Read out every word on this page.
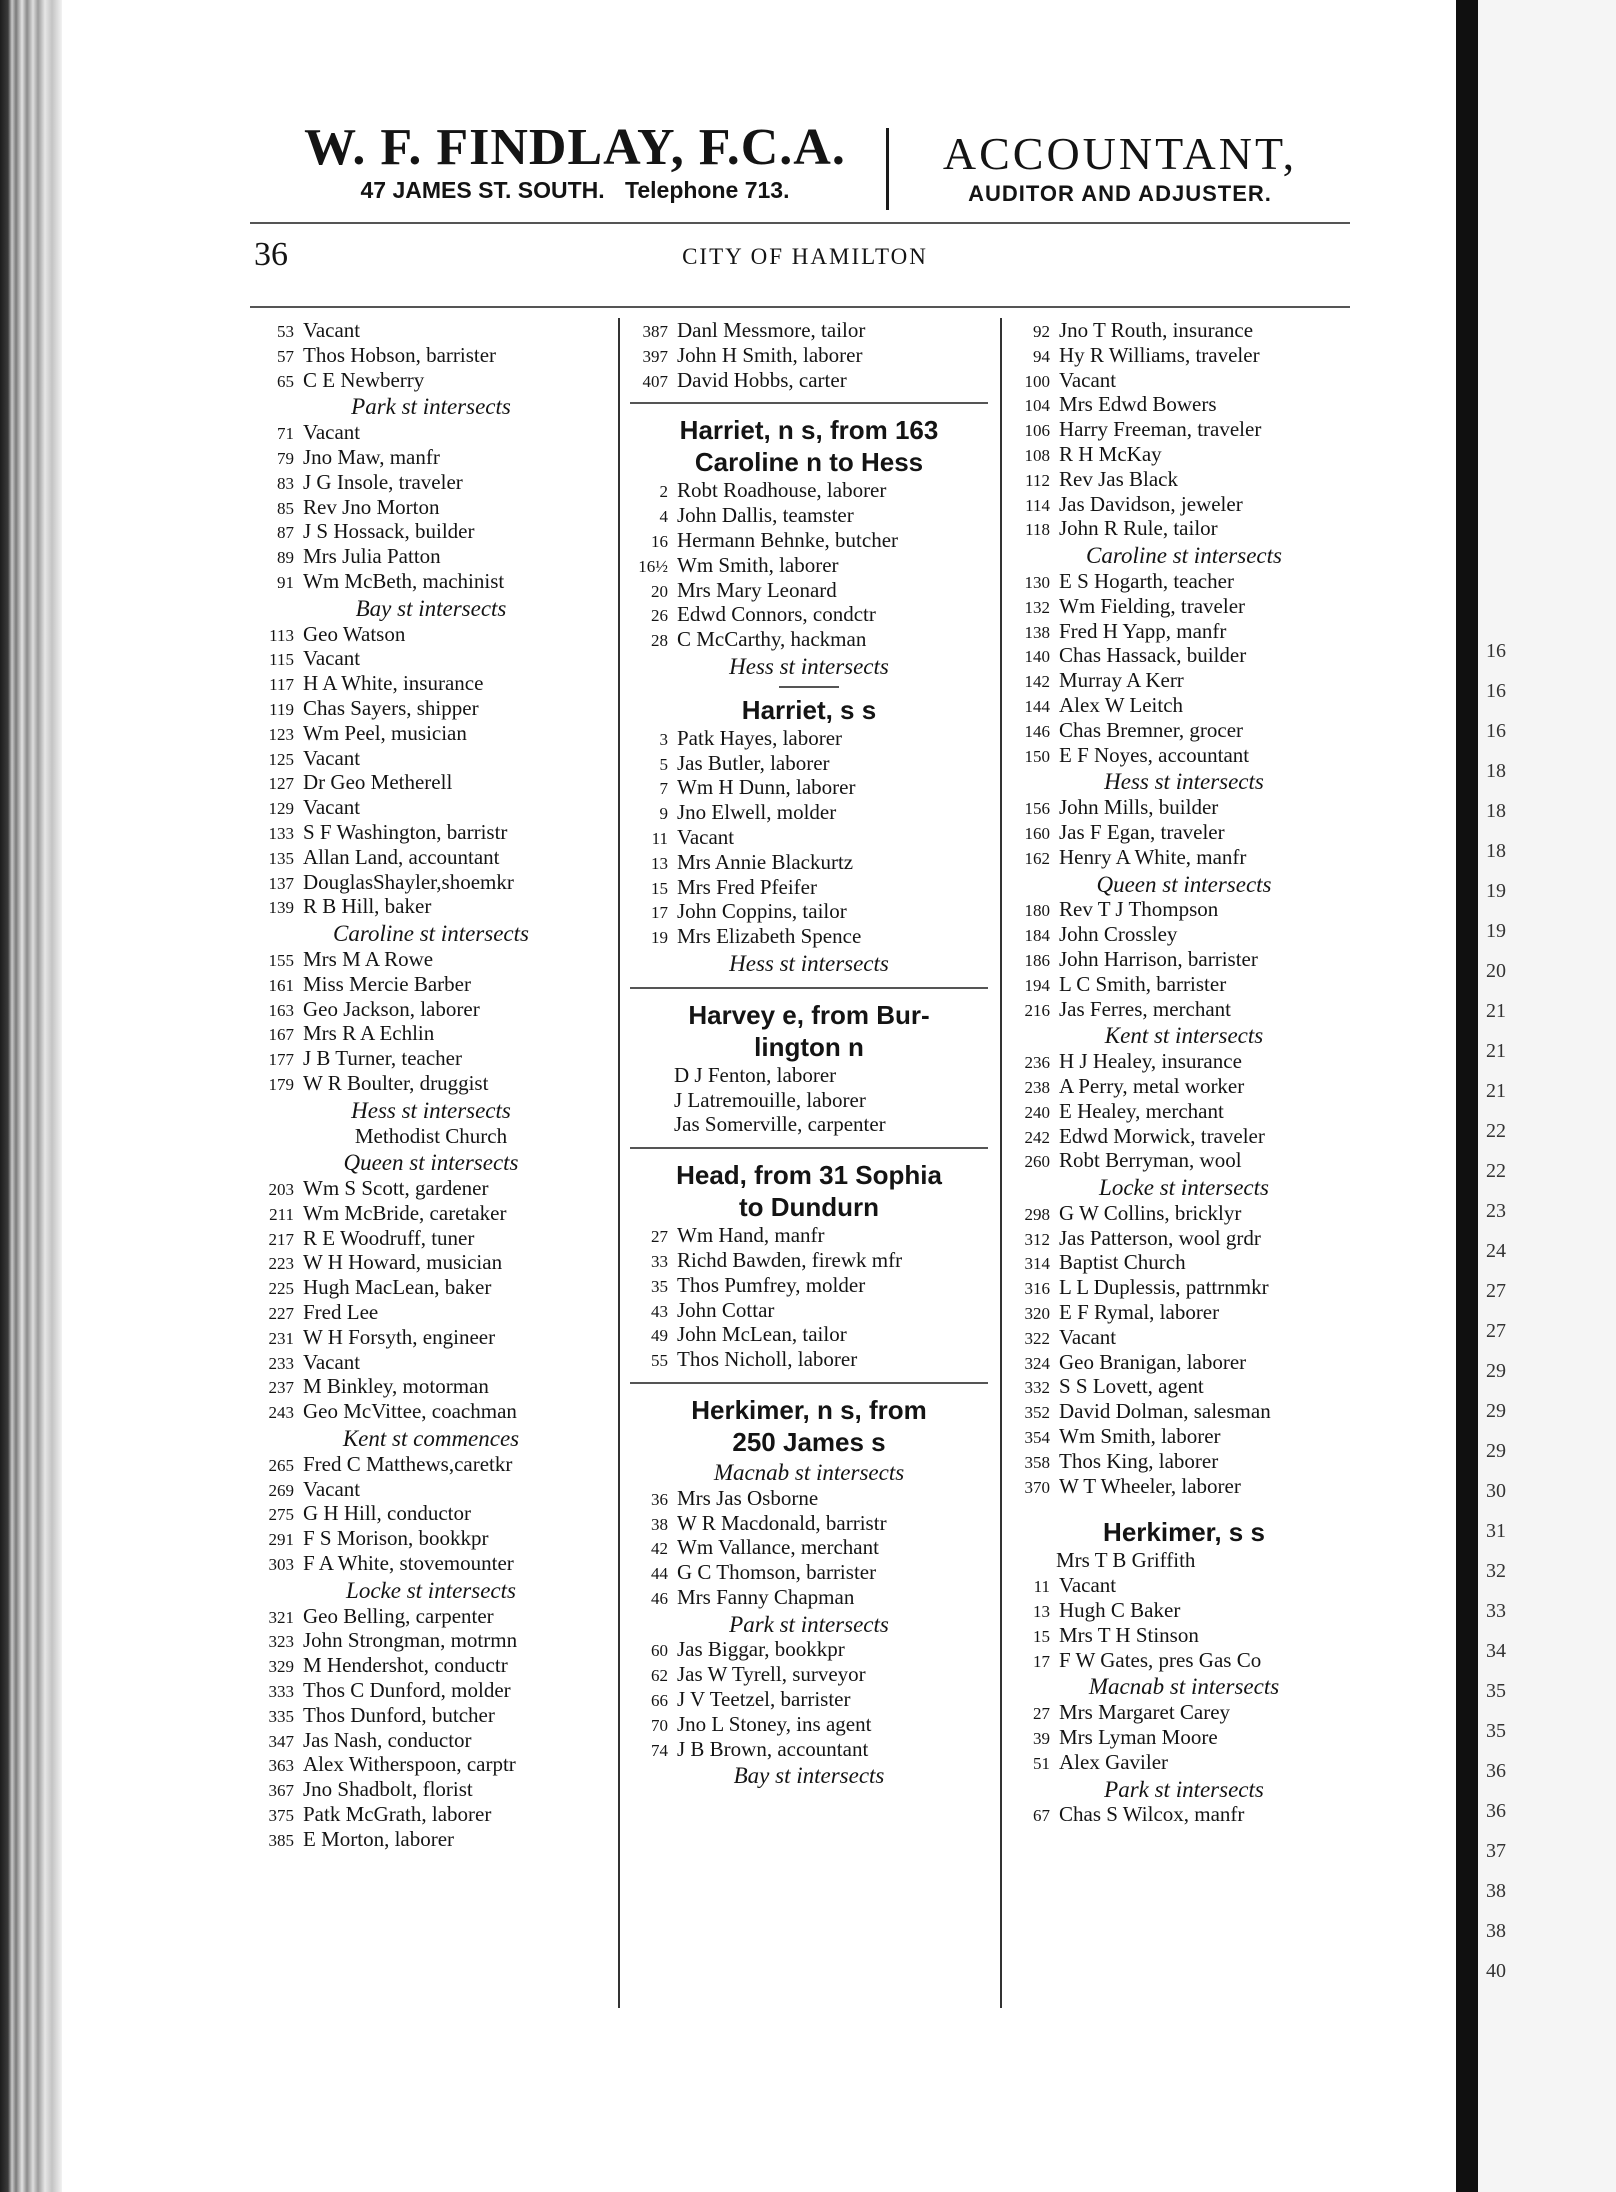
W. F. FINDLAY, F.C.A.
47 JAMES ST. SOUTH. Telephone 713.
ACCOUNTANT,
AUDITOR AND ADJUSTER.
36	CITY OF HAMILTON
53 Vacant
57 Thos Hobson, barrister
65 C E Newberry
Park st intersects
71 Vacant
79 Jno Maw, manfr
83 J G Insole, traveler
85 Rev Jno Morton
87 J S Hossack, builder
89 Mrs Julia Patton
91 Wm McBeth, machinist
Bay st intersects
113 Geo Watson
115 Vacant
117 H A White, insurance
119 Chas Sayers, shipper
123 Wm Peel, musician
125 Vacant
127 Dr Geo Metherell
129 Vacant
133 S F Washington, barristr
135 Allan Land, accountant
137 DouglasShayler,shoemkr
139 R B Hill, baker
Caroline st intersects
155 Mrs M A Rowe
161 Miss Mercie Barber
163 Geo Jackson, laborer
167 Mrs R A Echlin
177 J B Turner, teacher
179 W R Boulter, druggist
Hess st intersects
Methodist Church
Queen st intersects
203 Wm S Scott, gardener
211 Wm McBride, caretaker
217 R E Woodruff, tuner
223 W H Howard, musician
225 Hugh MacLean, baker
227 Fred Lee
231 W H Forsyth, engineer
233 Vacant
237 M Binkley, motorman
243 Geo McVittee, coachman
Kent st commences
265 Fred C Matthews,caretkr
269 Vacant
275 G H Hill, conductor
291 F S Morison, bookkpr
303 F A White, stovemounter
Locke st intersects
321 Geo Belling, carpenter
323 John Strongman, motrmn
329 M Hendershot, conductr
333 Thos C Dunford, molder
335 Thos Dunford, butcher
347 Jas Nash, conductor
363 Alex Witherspoon, carptr
367 Jno Shadbolt, florist
375 Patk McGrath, laborer
385 E Morton, laborer
387 Danl Messmore, tailor
397 John H Smith, laborer
407 David Hobbs, carter
Harriet, n s, from 163
Caroline n to Hess
2 Robt Roadhouse, laborer
4 John Dallis, teamster
16 Hermann Behnke, butcher
16½ Wm Smith, laborer
20 Mrs Mary Leonard
26 Edwd Connors, condctr
28 C McCarthy, hackman
Hess st intersects
Harriet, s s
3 Patk Hayes, laborer
5 Jas Butler, laborer
7 Wm H Dunn, laborer
9 Jno Elwell, molder
11 Vacant
13 Mrs Annie Blackurtz
15 Mrs Fred Pfeifer
17 John Coppins, tailor
19 Mrs Elizabeth Spence
Hess st intersects
Harvey e, from Bur-
lington n
D J Fenton, laborer
J Latremouille, laborer
Jas Somerville, carpenter
Head, from 31 Sophia
to Dundurn
27 Wm Hand, manfr
33 Richd Bawden, firewk mfr
35 Thos Pumfrey, molder
43 John Cottar
49 John McLean, tailor
55 Thos Nicholl, laborer
Herkimer, n s, from
250 James s
Macnab st intersects
36 Mrs Jas Osborne
38 W R Macdonald, barristr
42 Wm Vallance, merchant
44 G C Thomson, barrister
46 Mrs Fanny Chapman
Park st intersects
60 Jas Biggar, bookkpr
62 Jas W Tyrell, surveyor
66 J V Teetzel, barrister
70 Jno L Stoney, ins agent
74 J B Brown, accountant
Bay st intersects
92 Jno T Routh, insurance
94 Hy R Williams, traveler
100 Vacant
104 Mrs Edwd Bowers
106 Harry Freeman, traveler
108 R H McKay
112 Rev Jas Black
114 Jas Davidson, jeweler
118 John R Rule, tailor
Caroline st intersects
130 E S Hogarth, teacher
132 Wm Fielding, traveler
138 Fred H Yapp, manfr
140 Chas Hassack, builder
142 Murray A Kerr
144 Alex W Leitch
146 Chas Bremner, grocer
150 E F Noyes, accountant
Hess st intersects
156 John Mills, builder
160 Jas F Egan, traveler
162 Henry A White, manfr
Queen st intersects
180 Rev T J Thompson
184 John Crossley
186 John Harrison, barrister
194 L C Smith, barrister
216 Jas Ferres, merchant
Kent st intersects
236 H J Healey, insurance
238 A Perry, metal worker
240 E Healey, merchant
242 Edwd Morwick, traveler
260 Robt Berryman, wool
Locke st intersects
298 G W Collins, bricklyr
312 Jas Patterson, wool grdr
314 Baptist Church
316 L L Duplessis, pattrnmkr
320 E F Rymal, laborer
322 Vacant
324 Geo Branigan, laborer
332 S S Lovett, agent
352 David Dolman, salesman
354 Wm Smith, laborer
358 Thos King, laborer
370 W T Wheeler, laborer
Herkimer, s s
Mrs T B Griffith
11 Vacant
13 Hugh C Baker
15 Mrs T H Stinson
17 F W Gates, pres Gas Co
Macnab st intersects
27 Mrs Margaret Carey
39 Mrs Lyman Moore
51 Alex Gaviler
Park st intersects
67 Chas S Wilcox, manfr
16
16
16
18
18
18
19
19
20
21
21
21
22
22
23
24
27
27
29
29
29
30
31
32
33
34
35
35
36
36
37
38
38
40
